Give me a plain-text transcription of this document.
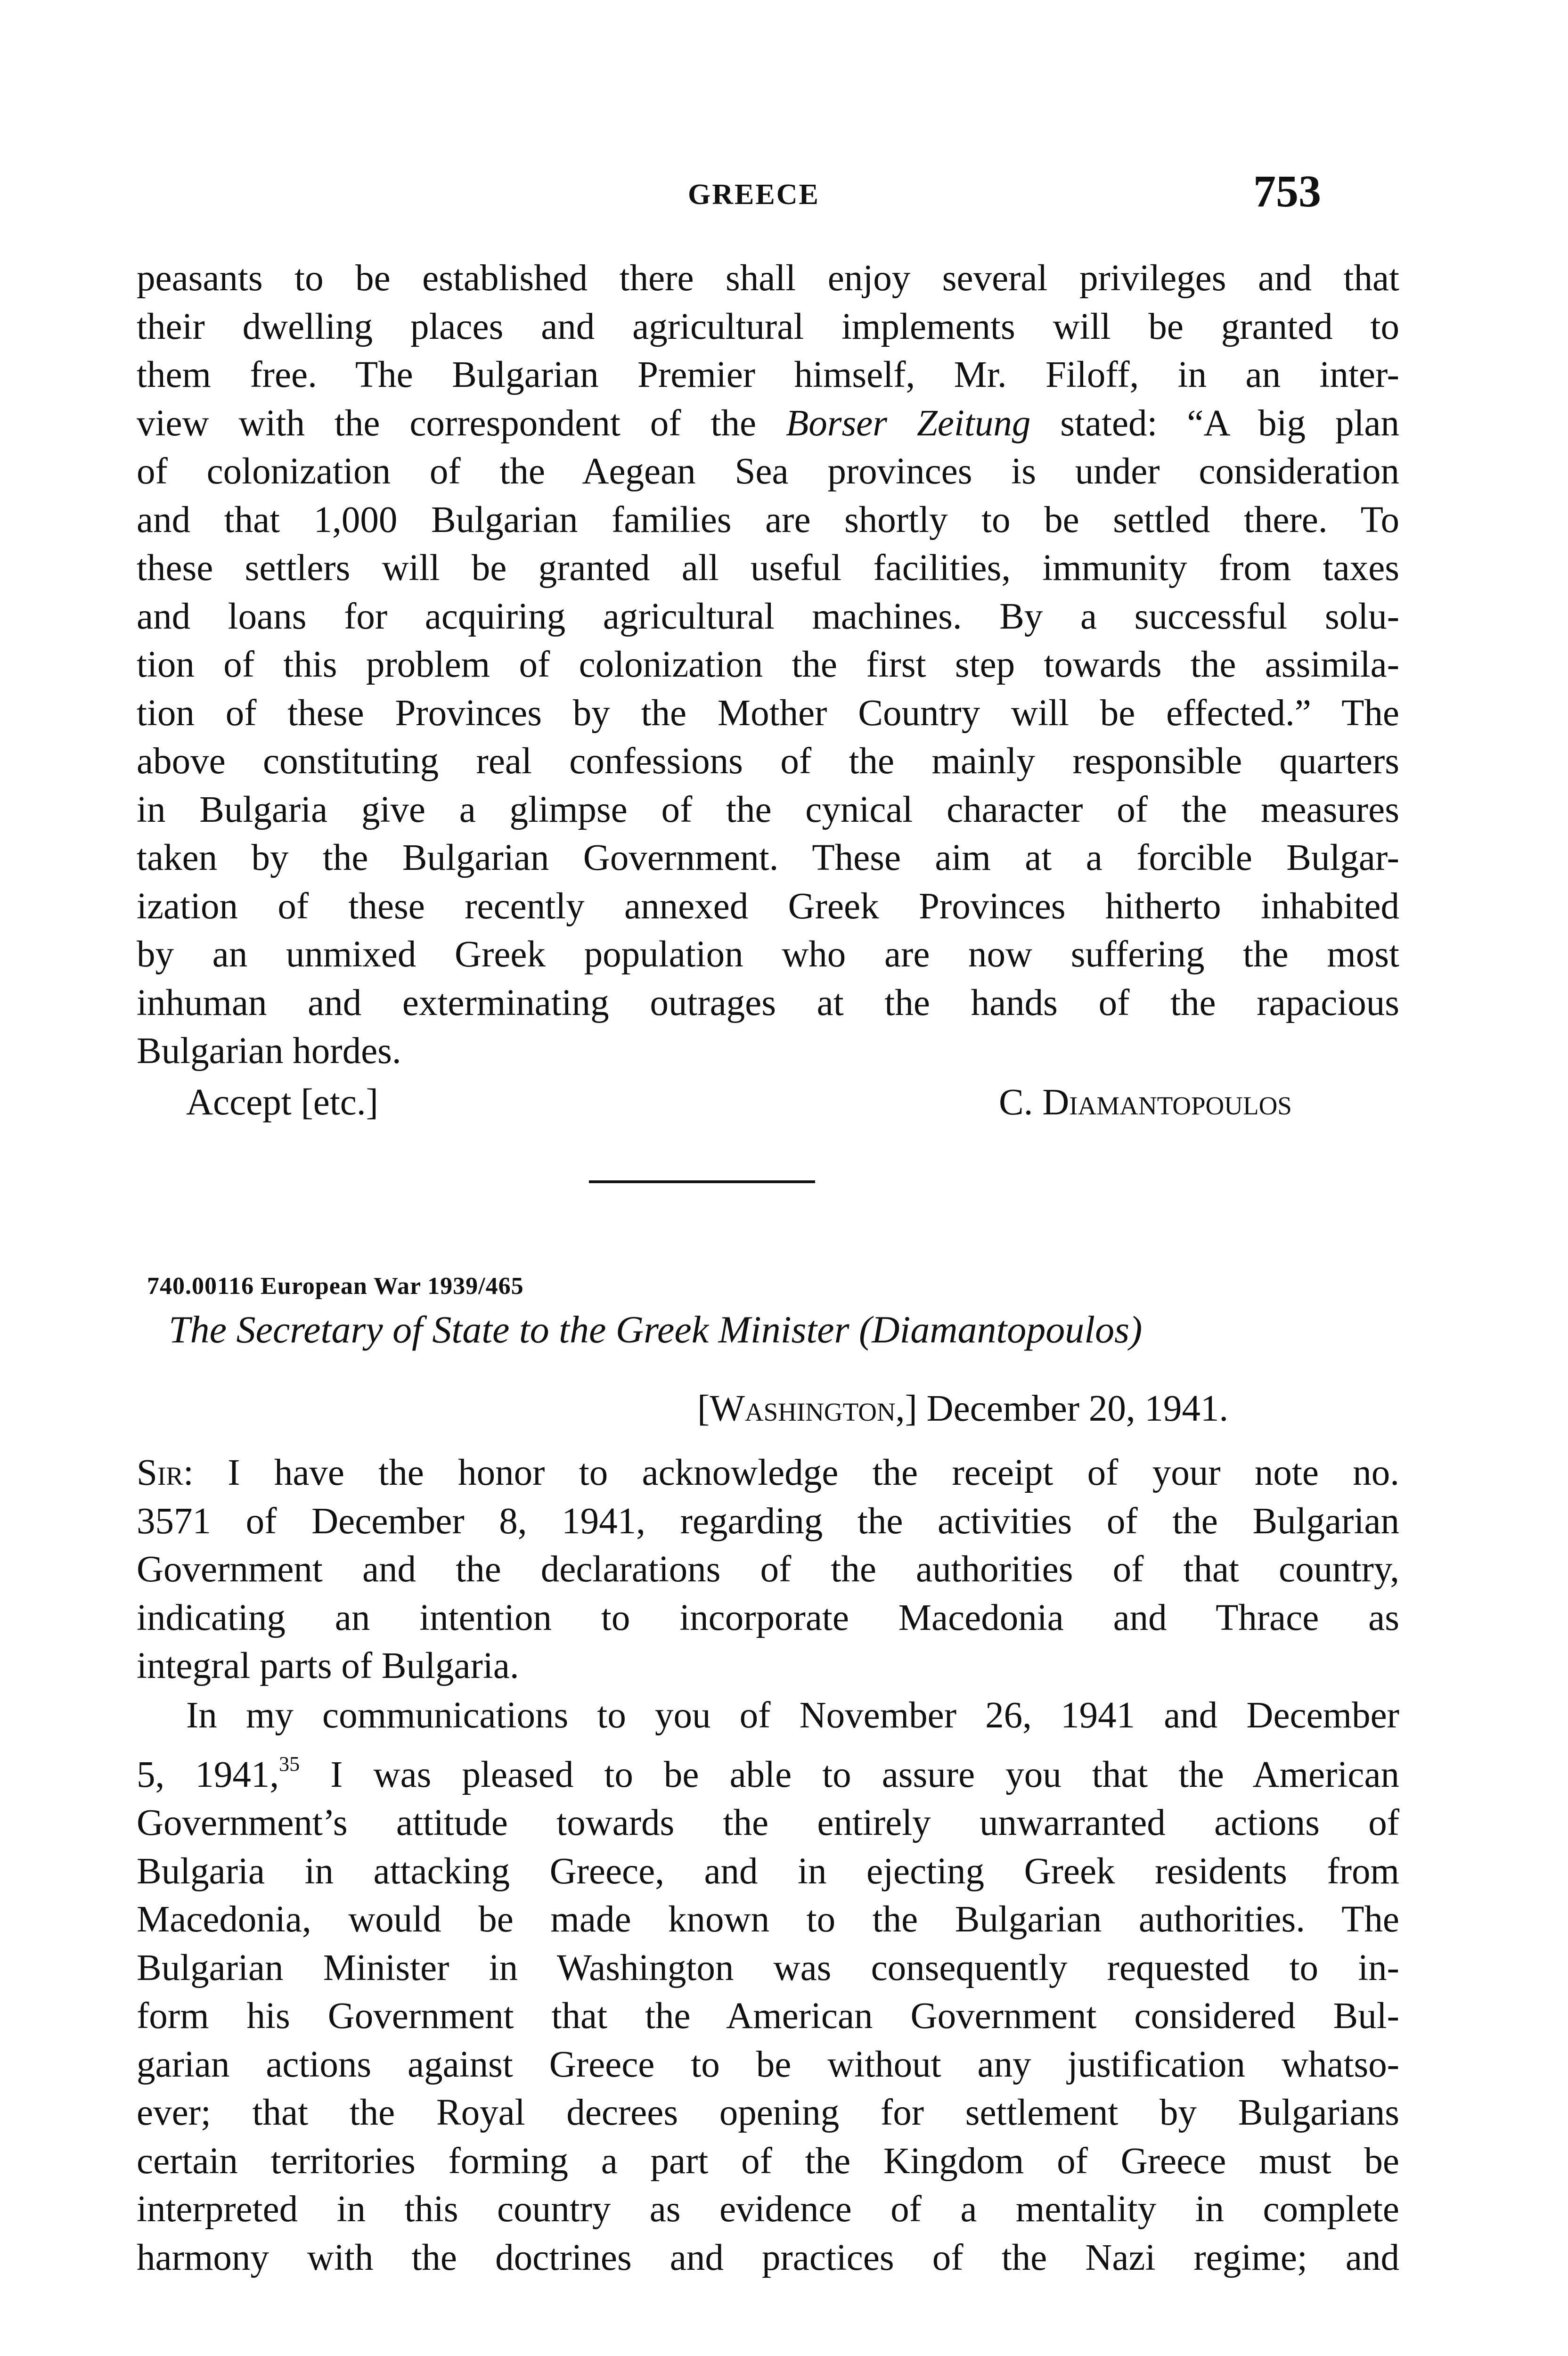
GREECE	753
peasants to be established there shall enjoy several privileges and that
their dwelling places and agricultural implements will be granted to
them free. The Bulgarian Premier himself, Mr. Filoff, in an inter-
view with the correspondent of the Borser Zeitung stated: “A big plan
of colonization of the Aegean Sea provinces is under consideration
and that 1,000 Bulgarian families are shortly to be settled there. To
these settlers will be granted all useful facilities, immunity from taxes
and loans for acquiring agricultural machines. By a successful solu-
tion of this problem of colonization the first step towards the assimila-
tion of these Provinces by the Mother Country will be effected.” The
above constituting real confessions of the mainly responsible quarters
in Bulgaria give a glimpse of the cynical character of the measures
taken by the Bulgarian Government. These aim at a forcible Bulgar-
ization of these recently annexed Greek Provinces hitherto inhabited
by an unmixed Greek population who are now suffering the most
inhuman and exterminating outrages at the hands of the rapacious
Bulgarian hordes.
Accept [etc.]	C. Diamantopoulos
740.00116 European War 1939/465
The Secretary of State to the Greek Minister (Diamantopoulos)
[Washington,] December 20, 1941.
Sir: I have the honor to acknowledge the receipt of your note no.
3571 of December 8, 1941, regarding the activities of the Bulgarian
Government and the declarations of the authorities of that country,
indicating an intention to incorporate Macedonia and Thrace as
integral parts of Bulgaria.
In my communications to you of November 26, 1941 and December
5, 1941,35 I was pleased to be able to assure you that the American
Government’s attitude towards the entirely unwarranted actions of
Bulgaria in attacking Greece, and in ejecting Greek residents from
Macedonia, would be made known to the Bulgarian authorities. The
Bulgarian Minister in Washington was consequently requested to in-
form his Government that the American Government considered Bul-
garian actions against Greece to be without any justification whatso-
ever; that the Royal decrees opening for settlement by Bulgarians
certain territories forming a part of the Kingdom of Greece must be
interpreted in this country as evidence of a mentality in complete
harmony with the doctrines and practices of the Nazi regime; and
